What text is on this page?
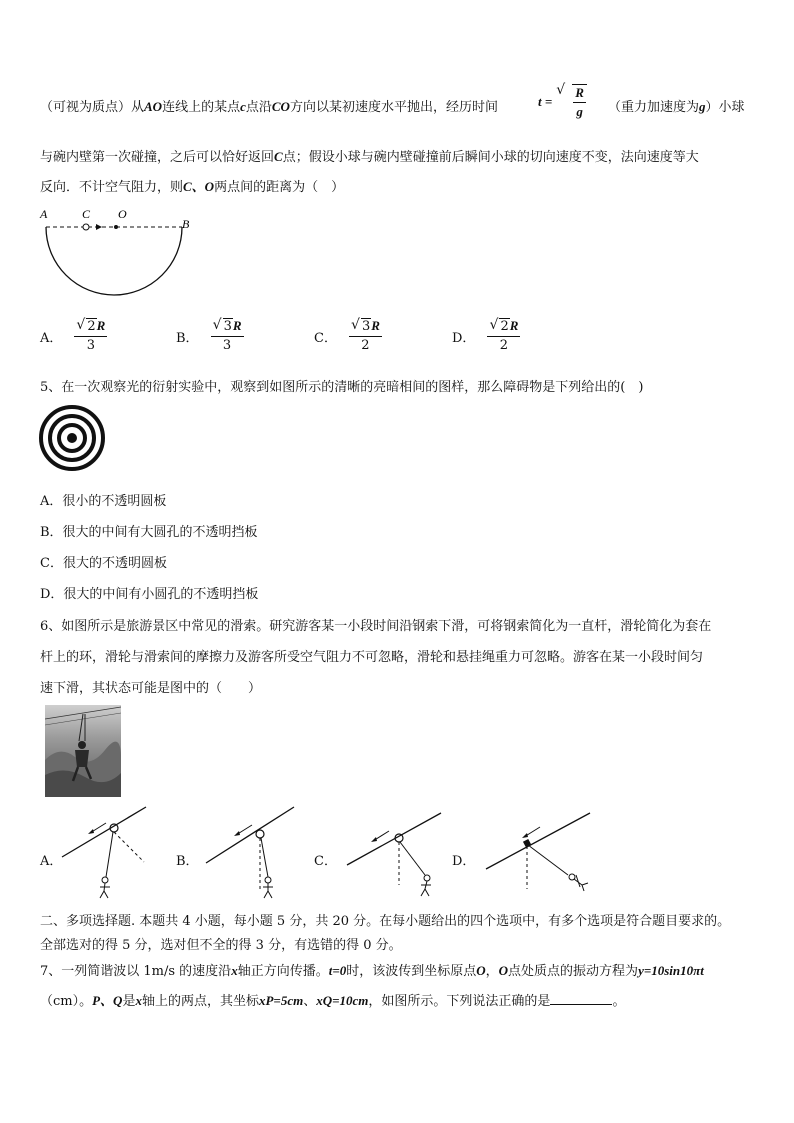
（可视为质点）从AO连线上的某点c点沿CO方向以某初速度水平抛出，经历时间	t = √ $\frac{R}{g}$ （重力加速度为g）小球
与碗内壁第一次碰撞，之后可以恰好返回C点；假设小球与碗内壁碰撞前后瞬间小球的切向速度不变，法向速度等大
反向．不计空气阻力，则C、O两点间的距离为（　）
A	C O
B
A． √ $\frac{2R}{3}$	B． √ $\frac{3R}{3}$	C． √ $\frac{3R}{2}$	D． √ $\frac{2R}{2}$
5、在一次观察光的衍射实验中，观察到如图所示的清晰的亮暗相间的图样，那么障碍物是下列给出的(　)
A．很小的不透明圆板
B．很大的中间有大圆孔的不透明挡板
C．很大的不透明圆板
D．很大的中间有小圆孔的不透明挡板
6、如图所示是旅游景区中常见的滑索。研究游客某一小段时间沿钢索下滑，可将钢索简化为一直杆，滑轮简化为套在
杆上的环，滑轮与滑索间的摩擦力及游客所受空气阻力不可忽略，滑轮和悬挂绳重力可忽略。游客在某一小段时间匀
速下滑，其状态可能是图中的（　　）
A．	B．	C．	D．
二、多项选择题. 本题共 4 小题，每小题 5 分，共 20 分。在每小题给出的四个选项中，有多个选项是符合题目要求的。
全部选对的得 5 分，选对但不全的得 3 分，有选错的得 0 分。
7、一列简谐波以 1m/s 的速度沿x轴正方向传播。t=0时，该波传到坐标原点O，O点处质点的振动方程为y=10sin10πt
（cm）。P、Q是x轴上的两点，其坐标xP=5cm、xQ=10cm，如图所示。下列说法正确的是	。
